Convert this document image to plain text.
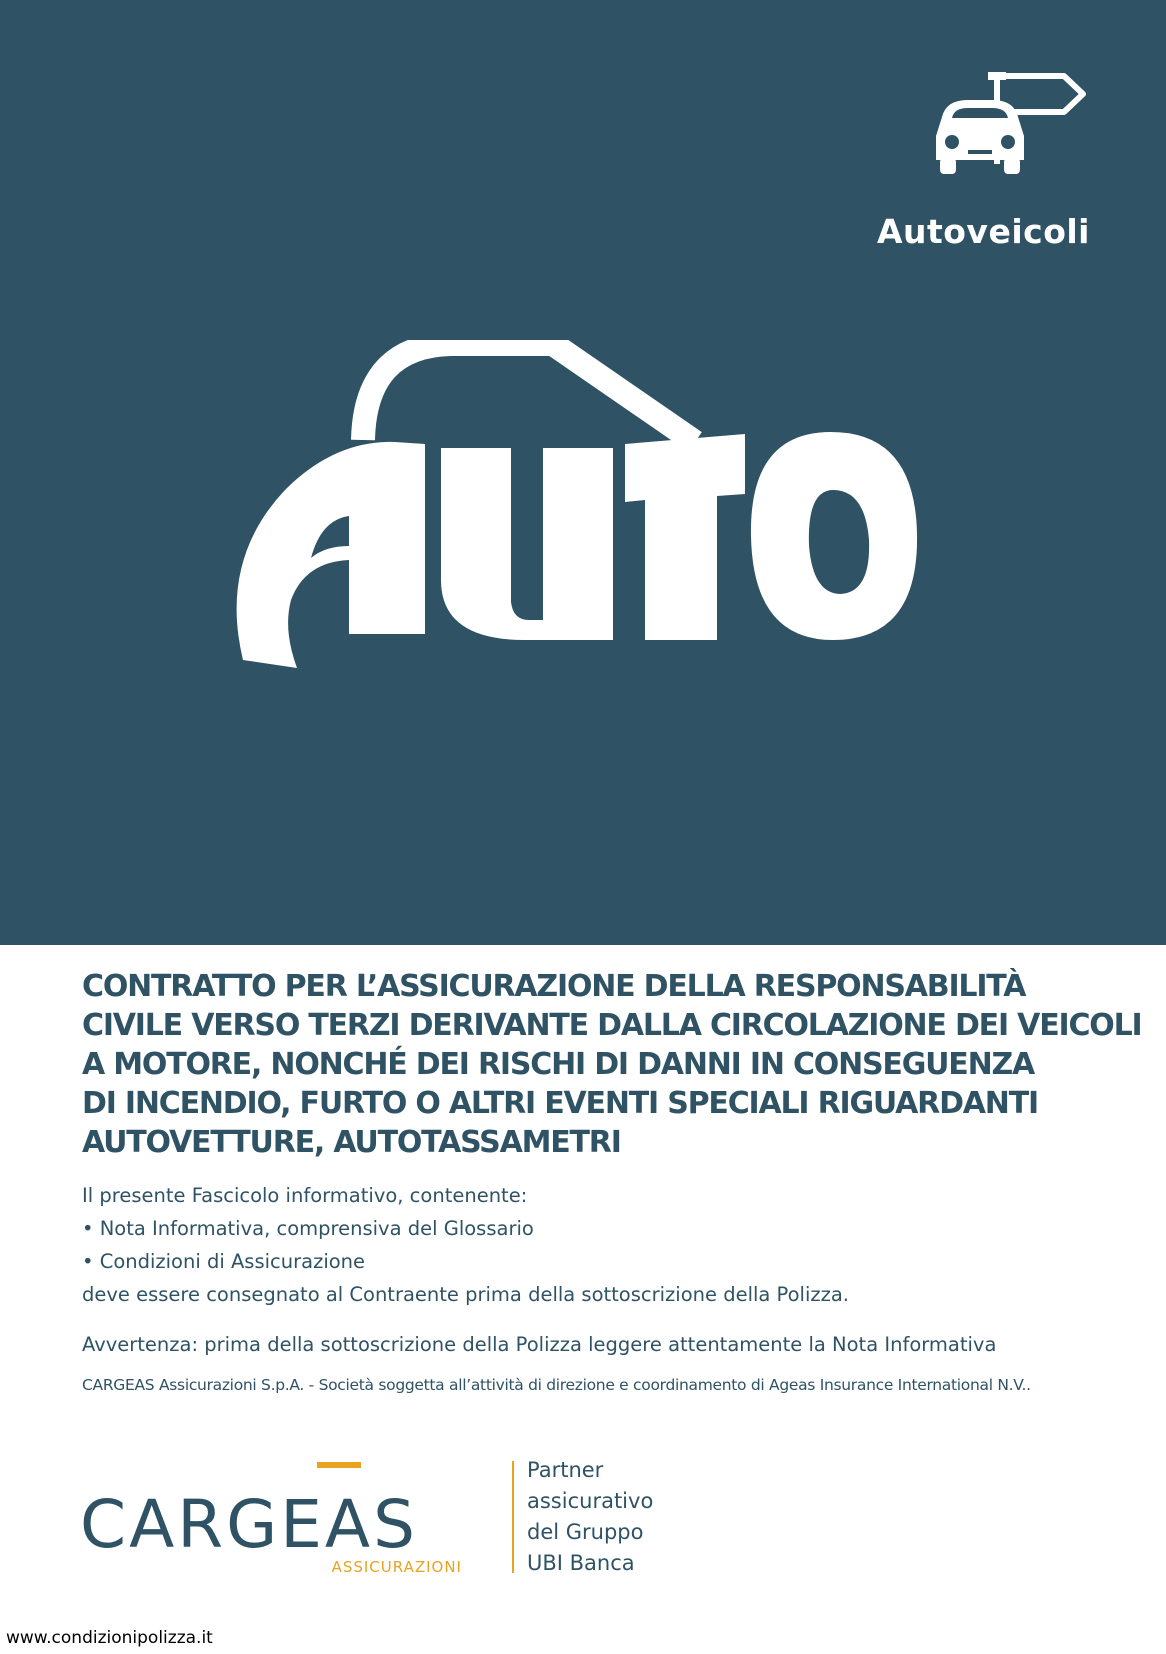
Autoveicoli
CONTRATTO PER L’ASSICURAZIONE DELLA RESPONSABILITÀ
CIVILE VERSO TERZI DERIVANTE DALLA CIRCOLAZIONE DEI VEICOLI
A MOTORE, NONCHÉ DEI RISCHI DI DANNI IN CONSEGUENZA
DI INCENDIO, FURTO O ALTRI EVENTI SPECIALI RIGUARDANTI
AUTOVETTURE, AUTOTASSAMETRI
Il presente Fascicolo informativo, contenente:
• Nota Informativa, comprensiva del Glossario
• Condizioni di Assicurazione
deve essere consegnato al Contraente prima della sottoscrizione della Polizza.
Avvertenza: prima della sottoscrizione della Polizza leggere attentamente la Nota Informativa
CARGEAS Assicurazioni S.p.A. - Società soggetta all’attività di direzione e coordinamento di Ageas Insurance International N.V..
CARGEAS
ASSICURAZIONI
Partner
assicurativo
del Gruppo
UBI Banca
www.condizionipolizza.it
